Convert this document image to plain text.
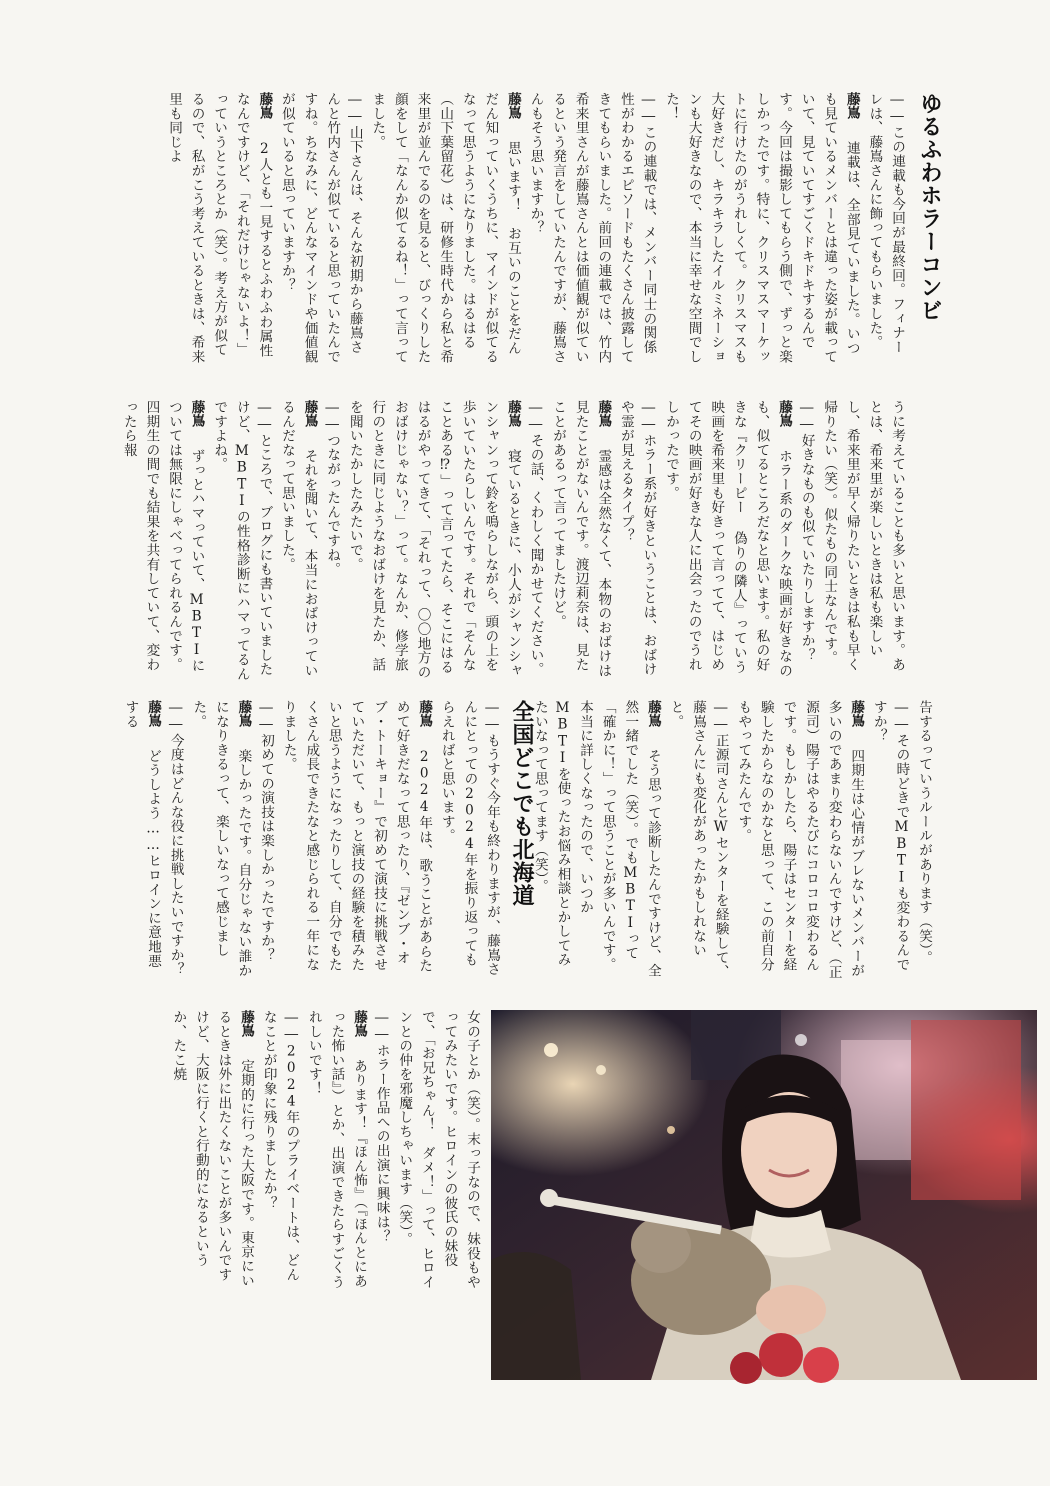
ゆるふわホラーコンビ

――この連載も今回が最終回。フィナーレは、藤嶌さんに飾ってもらいました。

藤嶌　連載は、全部見ていました。いつも見ているメンバーとは違った姿が載っていて、見ていてすごくドキドキするんです。今回は撮影してもらう側で、ずっと楽しかったです。特に、クリスマスマーケットに行けたのがうれしくて。クリスマスも大好きだし、キラキラしたイルミネーションも大好きなので、本当に幸せな空間でした！

――この連載では、メンバー同士の関係性がわかるエピソードもたくさん披露してきてもらいました。前回の連載では、竹内希来里さんが藤嶌さんとは価値観が似ているという発言をしていたんですが、藤嶌さんもそう思いますか？

藤嶌　思います！　お互いのことをだんだん知っていくうちに、マインドが似てるなって思うようになりました。はるはる（山下葉留花）は、研修生時代から私と希来里が並んでるのを見ると、びっくりした顔をして「なんか似てるね！」って言ってました。

――山下さんは、そんな初期から藤嶌さんと竹内さんが似ていると思っていたんですね。ちなみに、どんなマインドや価値観が似ていると思っていますか？

藤嶌　2人とも一見するとふわふわ属性なんですけど、「それだけじゃないよ！」っていうところとか（笑）。考え方が似てるので、私がこう考えているときは、希来里も同じよ

うに考えていることも多いと思います。あとは、希来里が楽しいときは私も楽しいし、希来里が早く帰りたいときは私も早く帰りたい（笑）。似たもの同士なんです。

――好きなものも似ていたりしますか？

藤嶌　ホラー系のダークな映画が好きなのも、似てるところだなと思います。私の好きな『クリーピー 偽りの隣人』っていう映画を希来里も好きって言ってて、はじめてその映画が好きな人に出会ったのでうれしかったです。

――ホラー系が好きということは、おばけや霊が見えるタイプ？

藤嶌　霊感は全然なくて、本物のおばけは見たことがないんです。渡辺莉奈は、見たことがあるって言ってましたけど。

――その話、くわしく聞かせてください。

藤嶌　寝ているときに、小人がシャンシャンシャンって鈴を鳴らしながら、頭の上を歩いていたらしいんです。それで「そんなことある⁉」って言ってたら、そこにはるはるがやってきて、「それって、〇〇地方のおばけじゃない？」って。なんか、修学旅行のときに同じようなおばけを見たか、話を聞いたかしたみたいで。

――つながったんですね。

藤嶌　それを聞いて、本当におばけっているんだなって思いました。

――ところで、ブログにも書いていましたけど、MBTIの性格診断にハマってるんですよね。

藤嶌　ずっとハマっていて、MBTIについては無限にしゃべってられるんです。四期生の間でも結果を共有していて、変わったら報

告するっていうルールがあります（笑）。

――その時どきでMBTIも変わるんですか？

藤嶌　四期生は心情がブレないメンバーが多いのであまり変わらないんですけど、（正源司）陽子はやるたびにコロコロ変わるんです。もしかしたら、陽子はセンターを経験したからなのかなと思って、この前自分もやってみたんです。

――正源司さんとWセンターを経験して、藤嶌さんにも変化があったかもしれないと。

藤嶌　そう思って診断したんですけど、全然一緒でした（笑）。でもMBTIって「確かに！」って思うことが多いんです。本当に詳しくなったので、いつかMBTIを使ったお悩み相談とかしてみたいなって思ってます（笑）。

全国どこでも北海道

――もうすぐ今年も終わりますが、藤嶌さんにとっての2024年を振り返ってもらえればと思います。

藤嶌　2024年は、歌うことがあらためて好きだなって思ったり、『ゼンブ・オブ・トーキョー』で初めて演技に挑戦させていただいて、もっと演技の経験を積みたいと思うようになったりして、自分でもたくさん成長できたなと感じられる一年になりました。

――初めての演技は楽しかったですか？

藤嶌　楽しかったです。自分じゃない誰かになりきるって、楽しいなって感じました。

――今度はどんな役に挑戦したいですか？

藤嶌　どうしよう……ヒロインに意地悪する

女の子とか（笑）。末っ子なので、妹役もやってみたいです。ヒロインの彼氏の妹役で、「お兄ちゃん！　ダメ！」って、ヒロインとの仲を邪魔しちゃいます（笑）。

――ホラー作品への出演に興味は？

藤嶌　あります！『ほん怖』（『ほんとにあった怖い話』）とか、出演できたらすごくうれしいです！

――2024年のプライベートは、どんなことが印象に残りましたか？

藤嶌　定期的に行った大阪です。東京にいるときは外に出たくないことが多いんですけど、大阪に行くと行動的になるというか、たこ焼
